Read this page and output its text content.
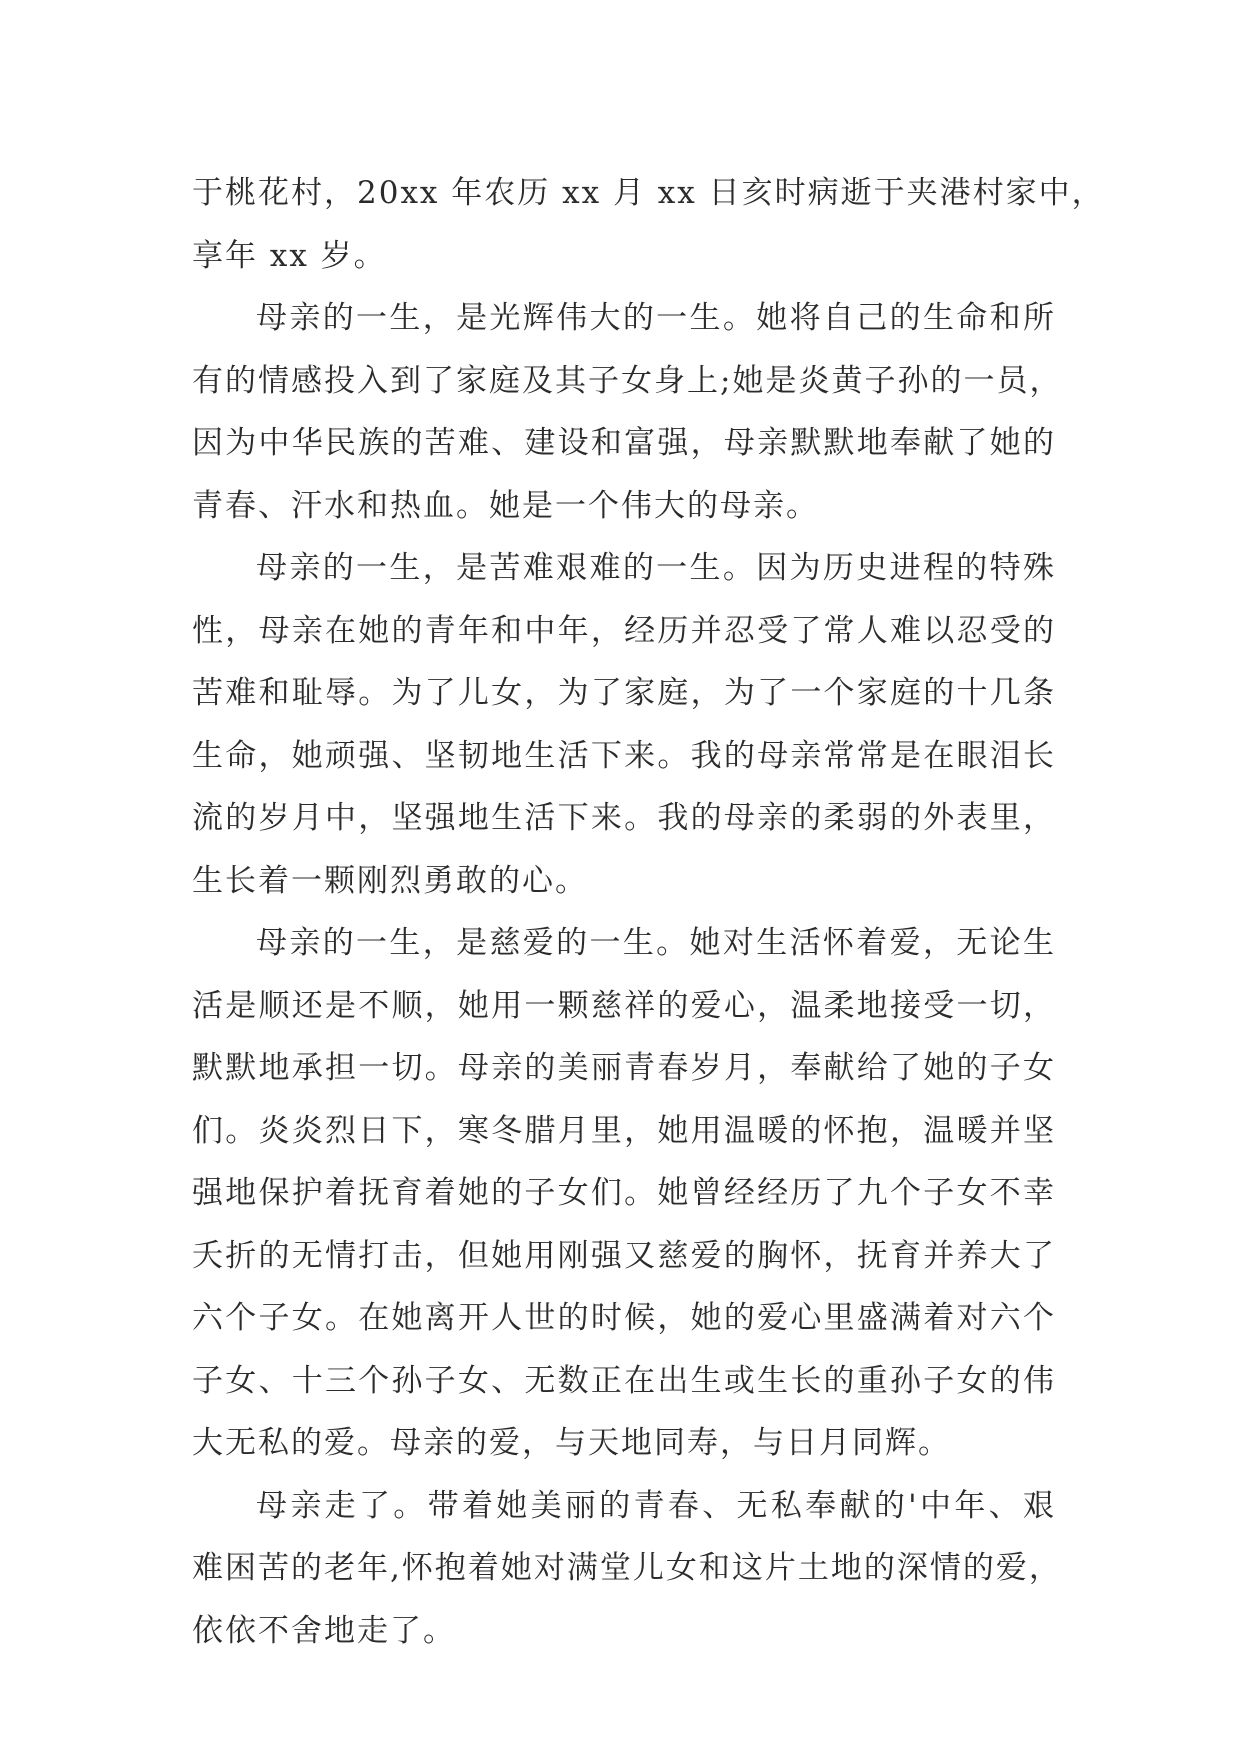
于桃花村，20xx 年农历 xx 月 xx 日亥时病逝于夹港村家中，
享年 xx 岁。
母亲的一生，是光辉伟大的一生。她将自己的生命和所
有的情感投入到了家庭及其子女身上;她是炎黄子孙的一员，
因为中华民族的苦难、建设和富强，母亲默默地奉献了她的
青春、汗水和热血。她是一个伟大的母亲。
母亲的一生，是苦难艰难的一生。因为历史进程的特殊
性，母亲在她的青年和中年，经历并忍受了常人难以忍受的
苦难和耻辱。为了儿女，为了家庭，为了一个家庭的十几条
生命，她顽强、坚韧地生活下来。我的母亲常常是在眼泪长
流的岁月中，坚强地生活下来。我的母亲的柔弱的外表里，
生长着一颗刚烈勇敢的心。
母亲的一生，是慈爱的一生。她对生活怀着爱，无论生
活是顺还是不顺，她用一颗慈祥的爱心，温柔地接受一切，
默默地承担一切。母亲的美丽青春岁月，奉献给了她的子女
们。炎炎烈日下，寒冬腊月里，她用温暖的怀抱，温暖并坚
强地保护着抚育着她的子女们。她曾经经历了九个子女不幸
夭折的无情打击，但她用刚强又慈爱的胸怀，抚育并养大了
六个子女。在她离开人世的时候，她的爱心里盛满着对六个
子女、十三个孙子女、无数正在出生或生长的重孙子女的伟
大无私的爱。母亲的爱，与天地同寿，与日月同辉。
母亲走了。带着她美丽的青春、无私奉献的'中年、艰
难困苦的老年,怀抱着她对满堂儿女和这片土地的深情的爱，
依依不舍地走了。
